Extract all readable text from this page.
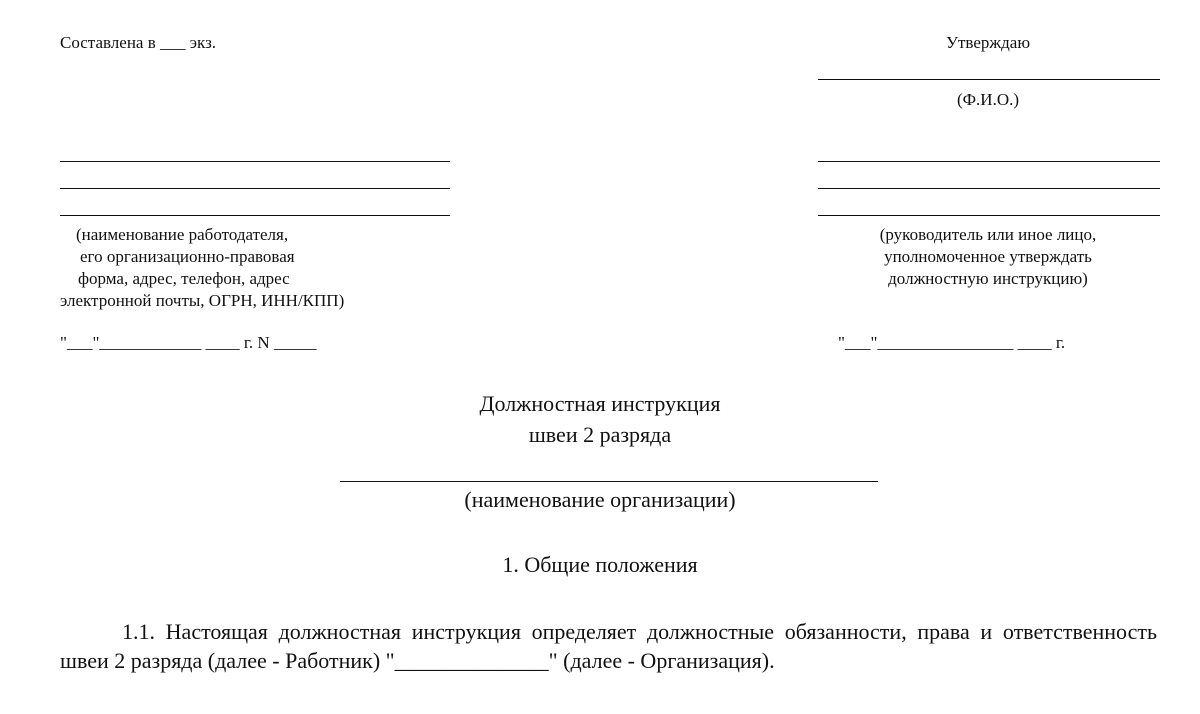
Составлена в ___ экз.	Утверждаю
(Ф.И.О.)
(наименование работодателя,
его организационно-правовая
форма, адрес, телефон, адрес
электронной почты, ОГРН, ИНН/КПП)
"___"____________ ____ г. N _____
(руководитель или иное лицо,
уполномоченное утверждать
должностную инструкцию)
"___"________________ ____ г.
Должностная инструкция
швеи 2 разряда
(наименование организации)
1. Общие положения
1.1. Настоящая должностная инструкция определяет должностные обязанности, права и ответственность швеи 2 разряда (далее - Работник) "______________" (далее - Организация).
